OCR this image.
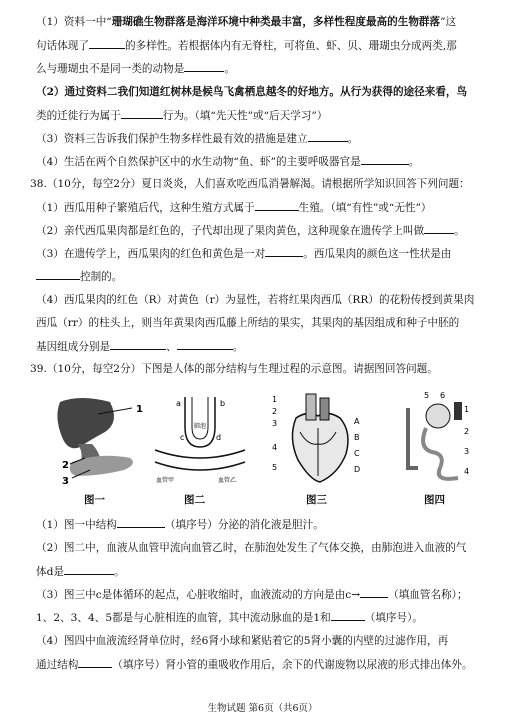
（1）资料一中“珊瑚礁生物群落是海洋环境中种类最丰富，多样性程度最高的生物群落”这
句话体现了	的多样性。若根据体内有无脊柱，可将鱼、虾、贝、珊瑚虫分成两类,那
么与珊瑚虫不是同一类的动物是	。
（2）通过资料二我们知道红树林是候鸟飞禽栖息越冬的好地方。从行为获得的途径来看，鸟
类的迁徙行为属于	行为。（填“先天性”或“后天学习”）
（3）资料三告诉我们保护生物多样性最有效的措施是建立	。
（4）生活在两个自然保护区中的水生动物“鱼、虾”的主要呼吸器官是	。
38.（10分，每空2分）夏日炎炎，人们喜欢吃西瓜消暑解渴。请根据所学知识回答下列问题：
（1）西瓜用种子繁殖后代，这种生殖方式属于	生殖。（填“有性”或“无性”）
（2）亲代西瓜果肉都是红色的，子代却出现了果肉黄色，这种现象在遗传学上叫做	。
（3）在遗传学上，西瓜果肉的红色和黄色是一对	。西瓜果肉的颜色这一性状是由
控制的。
（4）西瓜果肉的红色（R）对黄色（r）为显性，若将红果肉西瓜（RR）的花粉传授到黄果肉
西瓜（rr）的柱头上，则当年黄果肉西瓜藤上所结的果实，其果肉的基因组成和种子中胚的
基因组成分别是	、	。
39.（10分，每空2分）下图是人体的部分结构与生理过程的示意图。请据图回答问题。
1
2
3
肺泡
血管甲	血管乙
a	b
c	d
1
2
3
4
5
A
B
C
D
6
1
2
3
4
5
图一	图二	图三	图四
（1）图一中结构	（填序号）分泌的消化液是胆汁。
（2）图二中，血液从血管甲流向血管乙时，在肺泡处发生了气体交换，由肺泡进入血液的气
体d是	。
（3）图三中c是体循环的起点，心脏收缩时，血液流动的方向是由c→	（填血管名称）；
1、2、3、4、5都是与心脏相连的血管，其中流动脉血的是1和	（填序号）。
（4）图四中血液流经肾单位时，经6肾小球和紧贴着它的5肾小囊的内壁的过滤作用，再
通过结构	（填序号）肾小管的重吸收作用后，余下的代谢废物以尿液的形式排出体外。
生物试题 第6页（共6页）
